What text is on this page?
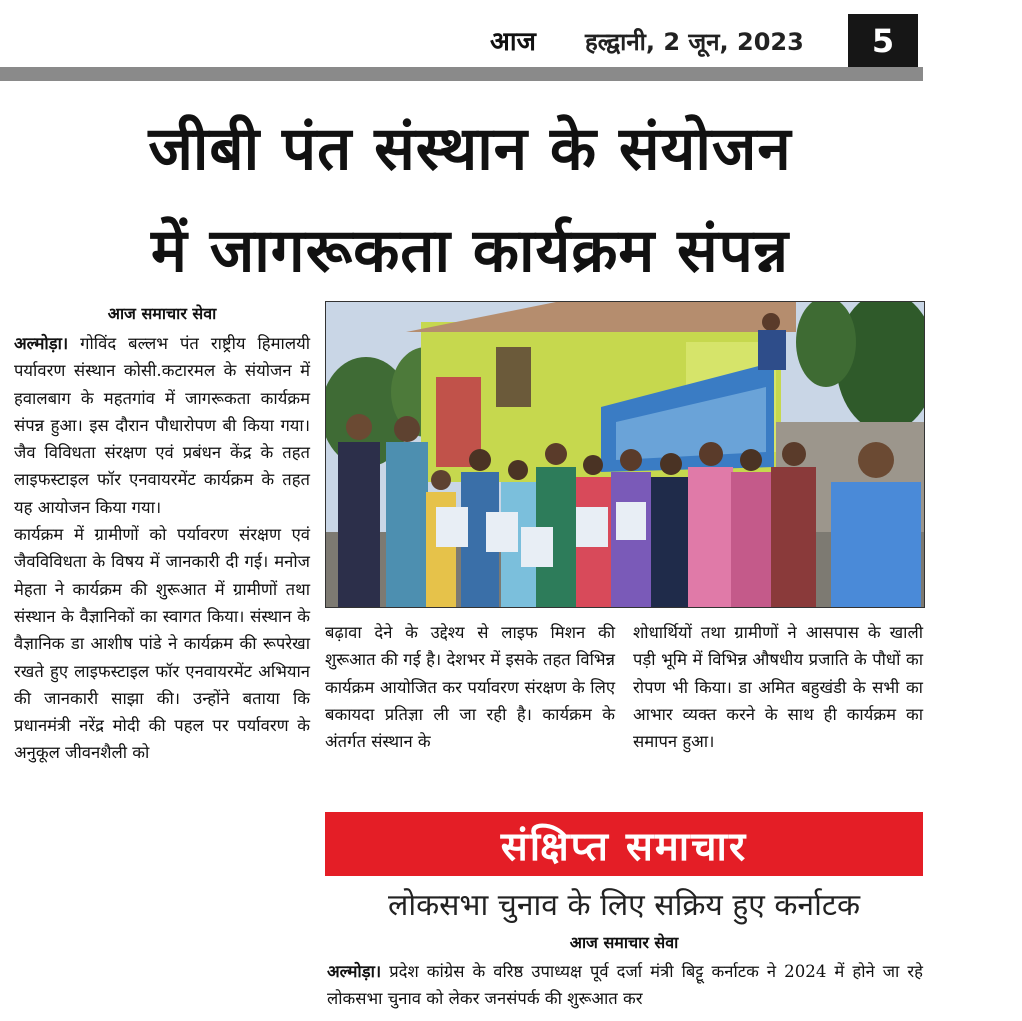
आज हल्द्वानी, 2 जून, 2023 5
जीबी पंत संस्थान के संयोजन
में जागरूकता कार्यक्रम संपन्न
आज समाचार सेवा

अल्मोड़ा। गोविंद बल्लभ पंत राष्ट्रीय हिमालयी पर्यावरण संस्थान कोसी.कटारमल के संयोजन में हवालबाग के महतगांव में जागरूकता कार्यक्रम संपन्न हुआ। इस दौरान पौधारोपण बी किया गया। जैव विविधता संरक्षण एवं प्रबंधन केंद्र के तहत लाइफस्टाइल फॉर एनवायरमेंट कार्यक्रम के तहत यह आयोजन किया गया।

कार्यक्रम में ग्रामीणों को पर्यावरण संरक्षण एवं जैवविविधता के विषय में जानकारी दी गई। मनोज मेहता ने कार्यक्रम की शुरूआत में ग्रामीणों तथा संस्थान के वैज्ञानिकों का स्वागत किया। संस्थान के वैज्ञानिक डा आशीष पांडे ने कार्यक्रम की रूपरेखा रखते हुए लाइफस्टाइल फॉर एनवायरमेंट अभियान की जानकारी साझा की। उन्होंने बताया कि प्रधानमंत्री नरेंद्र मोदी की पहल पर पर्यावरण के अनुकूल जीवनशैली को

बढ़ावा देने के उद्देश्य से लाइफ मिशन की शुरूआत की गई है। देशभर में इसके तहत विभिन्न कार्यक्रम आयोजित कर पर्यावरण संरक्षण के लिए बकायदा प्रतिज्ञा ली जा रही है। कार्यक्रम के अंतर्गत संस्थान के

शोधार्थियों तथा ग्रामीणों ने आसपास के खाली पड़ी भूमि में विभिन्न औषधीय प्रजाति के पौधों का रोपण भी किया। डा अमित बहुखंडी के सभी का आभार व्यक्त करने के साथ ही कार्यक्रम का समापन हुआ।

संक्षिप्त समाचार
लोकसभा चुनाव के लिए सक्रिय हुए कर्नाटक
आज समाचार सेवा
अल्मोड़ा। प्रदेश कांग्रेस के वरिष्ठ उपाध्यक्ष पूर्व दर्जा मंत्री बिट्टू कर्नाटक ने 2024 में होने जा रहे लोकसभा चुनाव को लेकर जनसंपर्क की शुरूआत कर
